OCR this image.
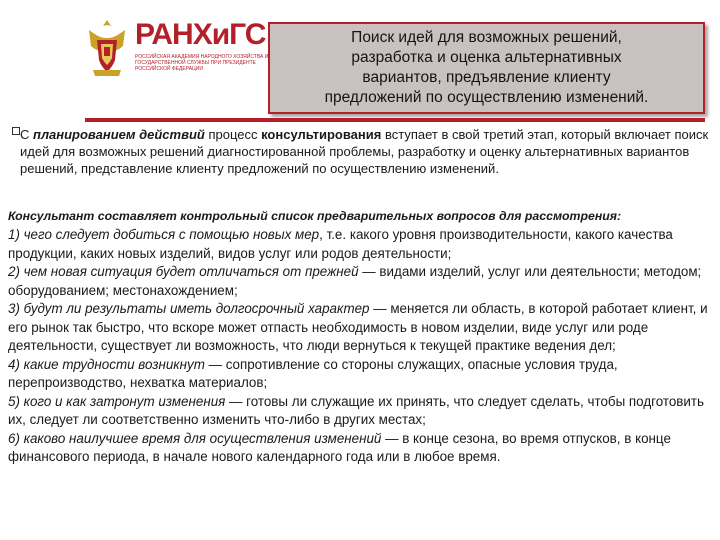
РАНХиГС
РОССИЙСКАЯ АКАДЕМИЯ НАРОДНОГО ХОЗЯЙСТВА И ГОСУДАРСТВЕННОЙ СЛУЖБЫ ПРИ ПРЕЗИДЕНТЕ РОССИЙСКОЙ ФЕДЕРАЦИИ
Поиск идей для возможных решений,
разработка и оценка альтернативных
вариантов, предъявление клиенту
предложений по осуществлению изменений.
С планированием действий процесс консультирования вступает в свой третий этап, который включает поиск идей для возможных решений диагностированной проблемы, разработку и оценку альтернативных вариантов решений, представление клиенту предложений по осуществлению изменений.
Консультант составляет контрольный список предварительных вопросов для рассмотрения:

1) чего следует добиться с помощью новых мер, т.е. какого уровня производительности, какого качества продукции, каких новых изделий, видов услуг или родов деятельности;

2) чем новая ситуация будет отличаться от прежней — видами изделий, услуг или деятельности; методом; оборудованием; местонахождением;

3) будут ли результаты иметь долгосрочный характер — меняется ли область, в которой работает клиент, и его рынок так быстро, что вскоре может отпасть необходимость в новом изделии, виде услуг или роде деятельности, существует ли возможность, что люди вернуться к текущей практике ведения дел;

4) какие трудности возникнут — сопротивление со стороны служащих, опасные условия труда, перепроизводство, нехватка материалов;

5) кого и как затронут изменения — готовы ли служащие их принять, что следует сделать, чтобы подготовить их, следует ли соответственно изменить что-либо в других местах;

6) каково наилучшее время для осуществления изменений — в конце сезона, во время отпусков, в конце финансового периода, в начале нового календарного года или в любое время.
